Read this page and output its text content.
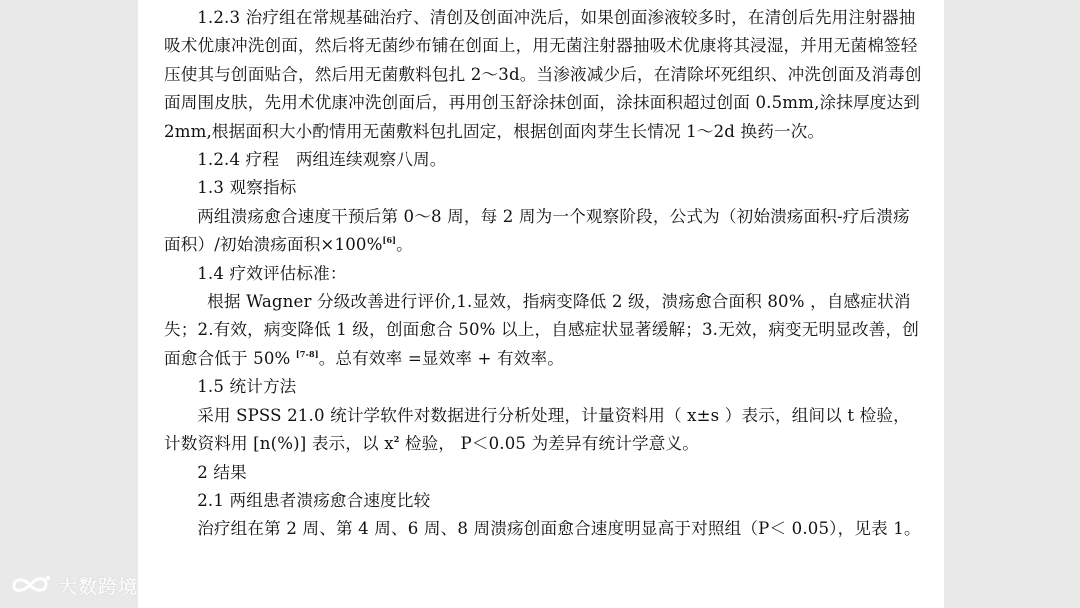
1.2.3 治疗组在常规基础治疗、清创及创面冲洗后，如果创面渗液较多时，在清创后先用注射器抽吸术优康冲洗创面，然后将无菌纱布铺在创面上，用无菌注射器抽吸术优康将其浸湿，并用无菌棉签轻压使其与创面贴合，然后用无菌敷料包扎 2～3d。当渗液减少后，在清除坏死组织、冲洗创面及消毒创面周围皮肤，先用术优康冲洗创面后，再用创玉舒涂抹创面，涂抹面积超过创面 0.5mm,涂抹厚度达到 2mm,根据面积大小酌情用无菌敷料包扎固定，根据创面肉芽生长情况 1～2d 换药一次。

1.2.4 疗程　两组连续观察八周。

1.3 观察指标

两组溃疡愈合速度干预后第 0～8 周，每 2 周为一个观察阶段，公式为（初始溃疡面积-疗后溃疡面积）/初始溃疡面积×100%[6]。

1.4 疗效评估标准：

根据 Wagner 分级改善进行评价,1.显效，指病变降低 2 级，溃疡愈合面积 80% ，自感症状消失；2.有效，病变降低 1 级，创面愈合 50% 以上，自感症状显著缓解；3.无效，病变无明显改善，创面愈合低于 50% [7-8]。总有效率 =显效率 + 有效率。

1.5 统计方法

采用 SPSS 21.0 统计学软件对数据进行分析处理，计量资料用（ x±s ）表示，组间以 t 检验，计数资料用 [n(%)] 表示，以 $x^2$ 检验， P＜0.05 为差异有统计学意义。

2 结果

2.1 两组患者溃疡愈合速度比较

治疗组在第 2 周、第 4 周、6 周、8 周溃疡创面愈合速度明显高于对照组（P＜ 0.05），见表 1。

大数跨境
